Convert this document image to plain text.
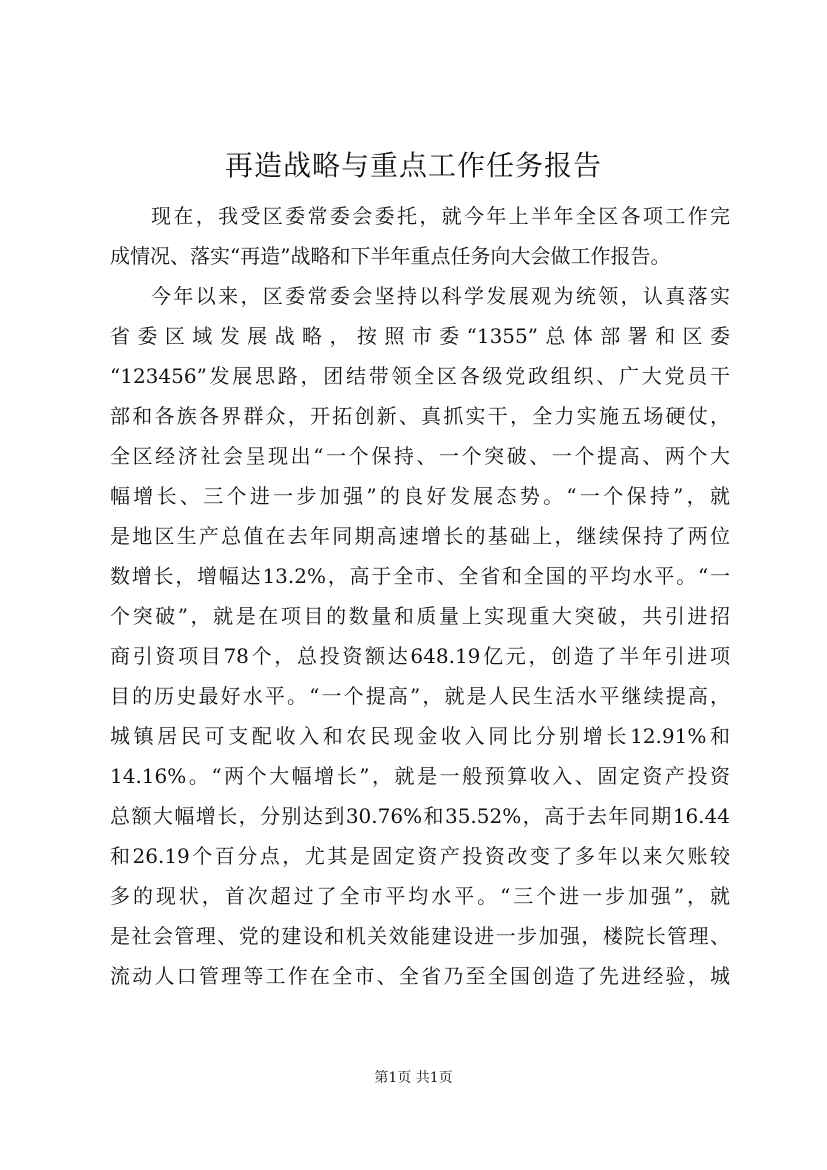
再造战略与重点工作任务报告
现在，我受区委常委会委托，就今年上半年全区各项工作完
成情况、落实“再造”战略和下半年重点任务向大会做工作报告。
今年以来，区委常委会坚持以科学发展观为统领，认真落实
省委区域发展战略，按照市委“1355”总体部署和区委
“123456”发展思路，团结带领全区各级党政组织、广大党员干
部和各族各界群众，开拓创新、真抓实干，全力实施五场硬仗，
全区经济社会呈现出“一个保持、一个突破、一个提高、两个大
幅增长、三个进一步加强”的良好发展态势。“一个保持”，就
是地区生产总值在去年同期高速增长的基础上，继续保持了两位
数增长，增幅达13.2%，高于全市、全省和全国的平均水平。“一
个突破”，就是在项目的数量和质量上实现重大突破，共引进招
商引资项目78个，总投资额达648.19亿元，创造了半年引进项
目的历史最好水平。“一个提高”，就是人民生活水平继续提高，
城镇居民可支配收入和农民现金收入同比分别增长12.91%和
14.16%。“两个大幅增长”，就是一般预算收入、固定资产投资
总额大幅增长，分别达到30.76%和35.52%，高于去年同期16.44
和26.19个百分点，尤其是固定资产投资改变了多年以来欠账较
多的现状，首次超过了全市平均水平。“三个进一步加强”，就
是社会管理、党的建设和机关效能建设进一步加强，楼院长管理、
流动人口管理等工作在全市、全省乃至全国创造了先进经验，城
第1页 共1页
